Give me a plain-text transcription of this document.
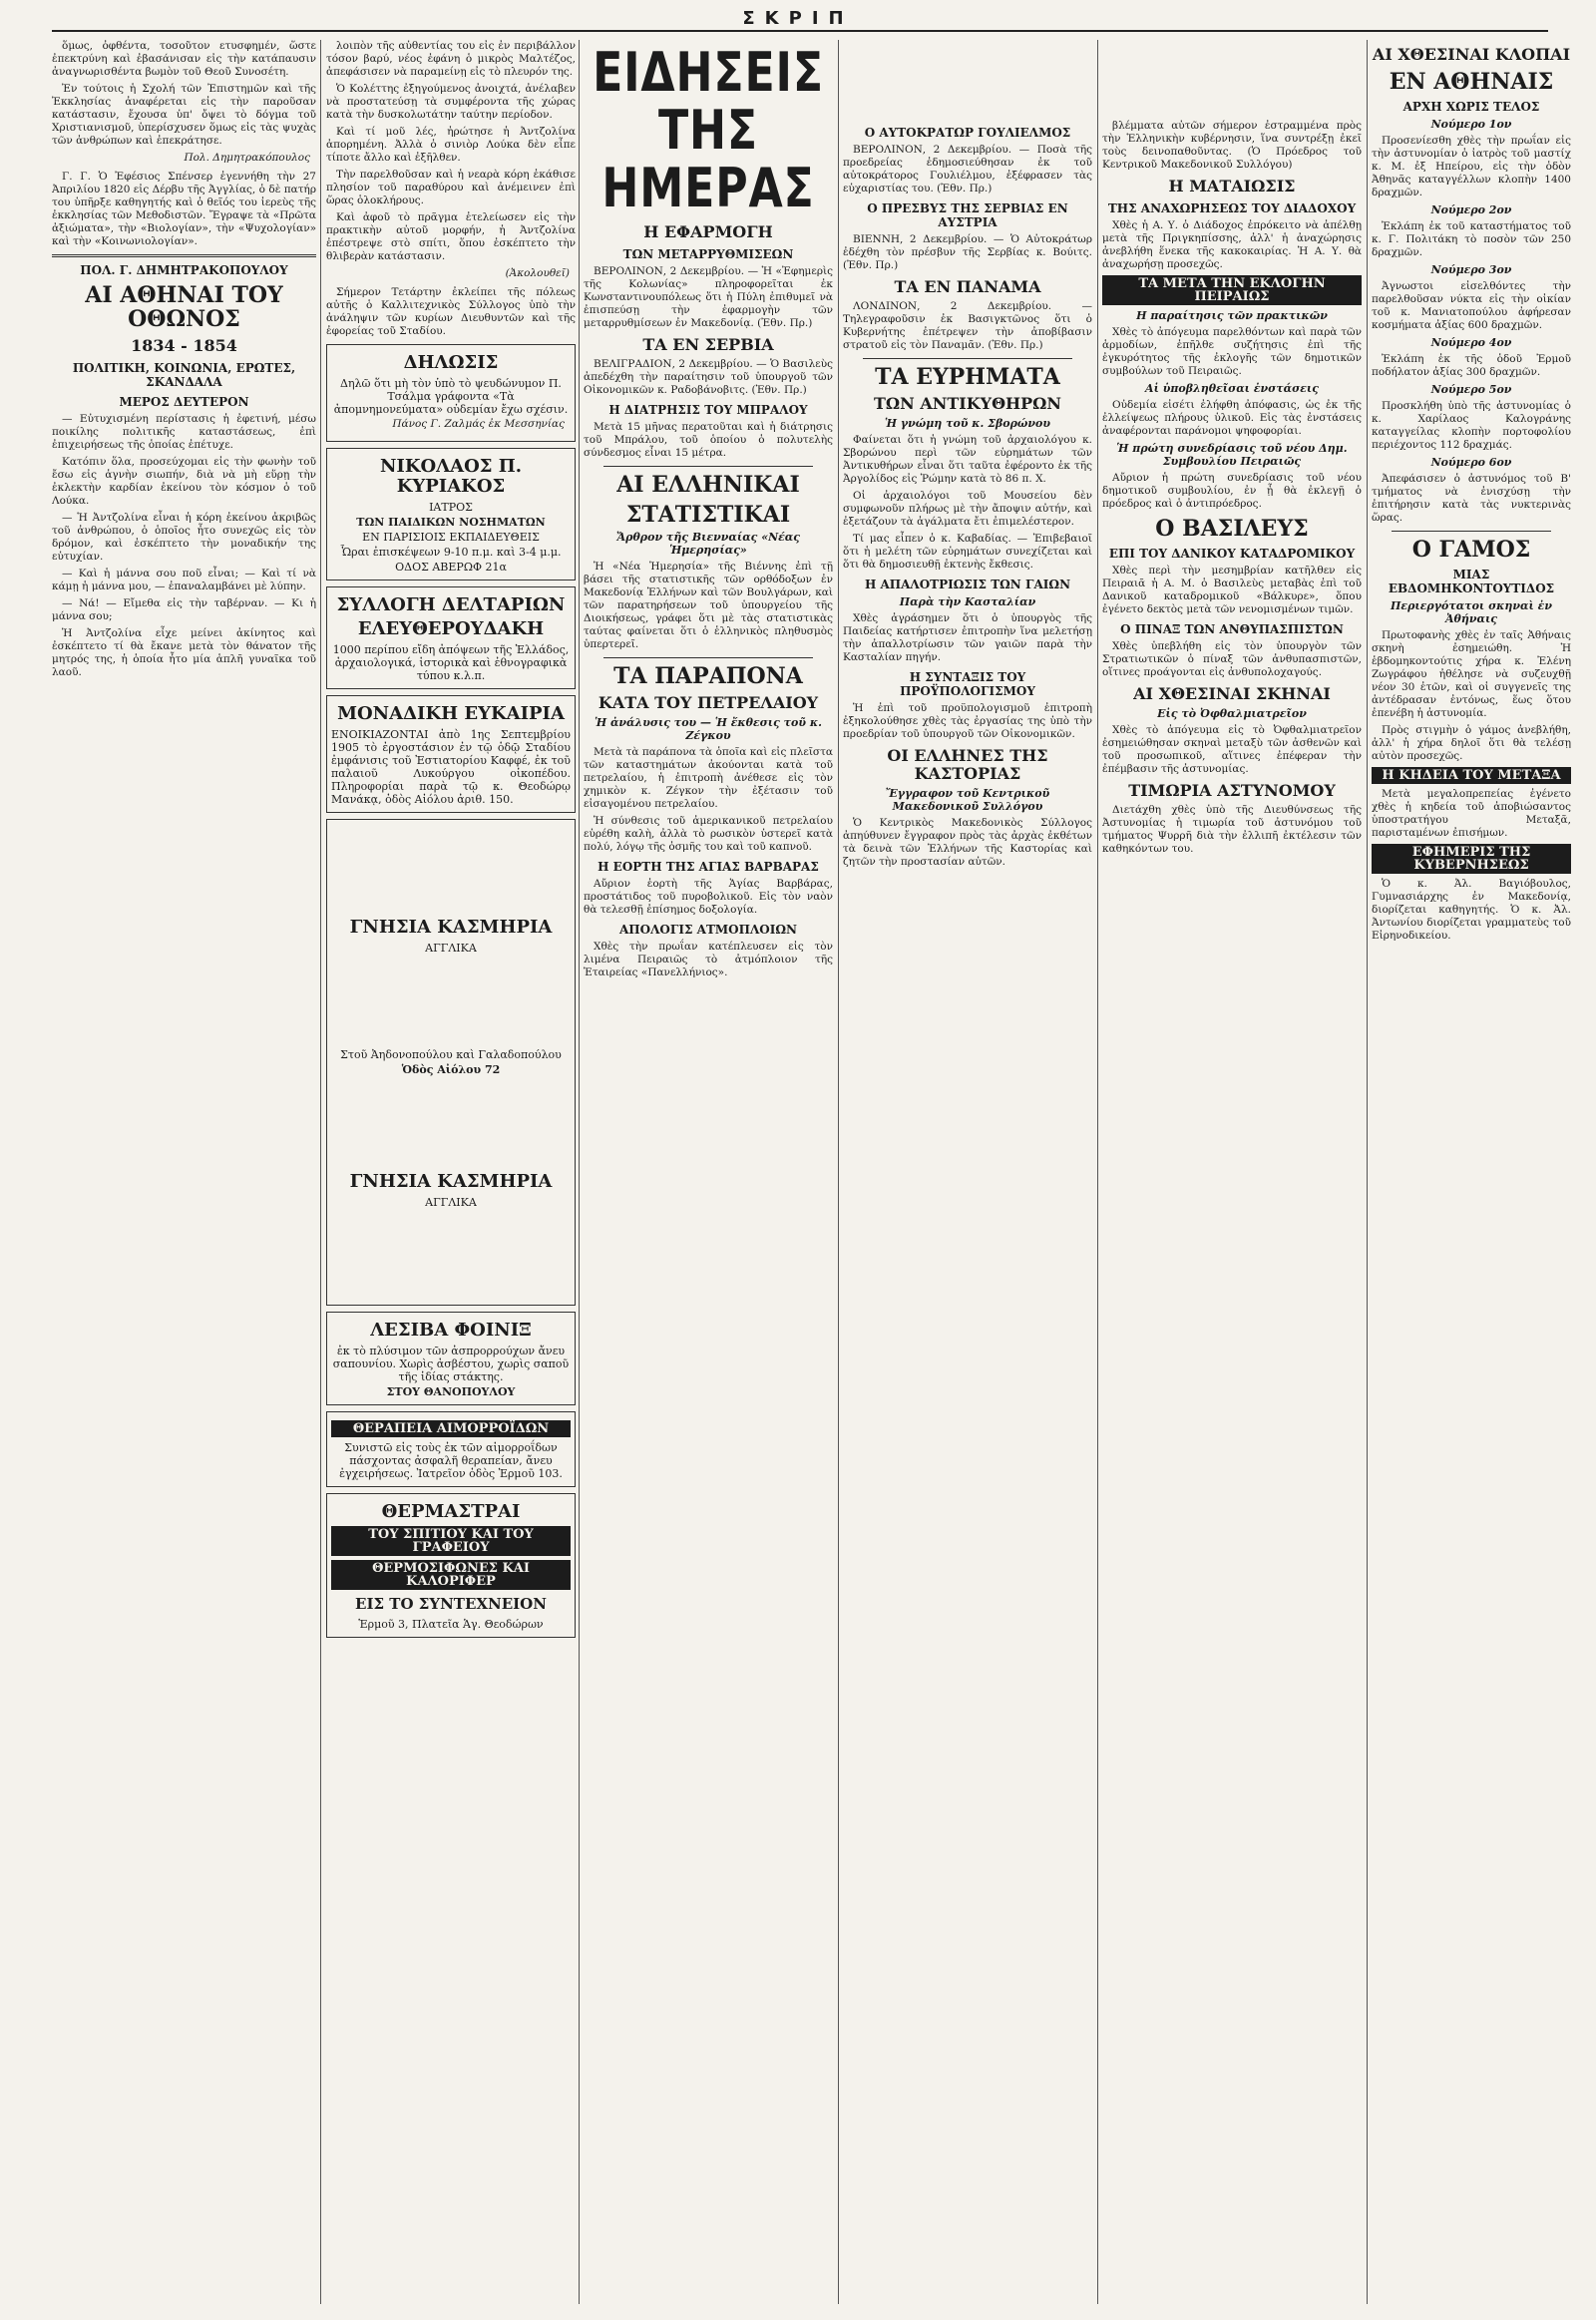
ΣΚΡΙΠ

ὅμως, ὀφθέντα, τοσοῦτον ετυσφημέν, ὥστε ἐπεκτρύνη καὶ ἐβασάνισαν εἰς τὴν κατάπαυσιν ἀναγνωρισθέντα βωμὸν τοῦ Θεοῦ Συνοσέτη.

Ἐν τούτοις ἡ Σχολή τῶν Ἐπιστημῶν καὶ τῆς Ἐκκλησίας ἀναφέρεται εἰς τὴν παροῦσαν κατάστασιν, ἔχουσα ὑπ' ὄψει τὸ δόγμα τοῦ Χριστιανισμοῦ, ὑπερίσχυσεν ὅμως εἰς τὰς ψυχὰς τῶν ἀνθρώπων καὶ ἐπεκράτησε.

Πολ. Δημητρακόπουλος

Γ. Γ. Ὁ Ἐφέσιος Σπένσερ ἐγεννήθη τὴν 27 Ἀπριλίου 1820 εἰς Δέρβυ τῆς Ἀγγλίας, ὁ δὲ πατήρ του ὑπῆρξε καθηγητής καὶ ὁ θεῖός του ἱερεὺς τῆς ἐκκλησίας τῶν Μεθοδιστῶν. Ἔγραψε τὰ «Πρῶτα ἀξιώματα», τὴν «Βιολογίαν», τὴν «Ψυχολογίαν» καὶ τὴν «Κοινωνιολογίαν».

ΠΟΛ. Γ. ΔΗΜΗΤΡΑΚΟΠΟΥΛΟΥ
ΑΙ ΑΘΗΝΑΙ ΤΟΥ ΟΘΩΝΟΣ
1834 - 1854
ΠΟΛΙΤΙΚΗ, ΚΟΙΝΩΝΙΑ, ΕΡΩΤΕΣ, ΣΚΑΝΔΑΛΑ
ΜΕΡΟΣ ΔΕΥΤΕΡΟΝ

— Εὐτυχισμένη περίστασις ἡ ἐφετινή, μέσω ποικίλης πολιτικῆς καταστάσεως, ἐπὶ ἐπιχειρήσεως τῆς ὁποίας ἐπέτυχε.

Κατόπιν ὅλα, προσεύχομαι εἰς τὴν φωνὴν τοῦ ἔσω εἰς ἁγνὴν σιωπήν, διὰ νὰ μὴ εὕρῃ τὴν ἐκλεκτὴν καρδίαν ἐκείνου τὸν κόσμον ὁ τοῦ Λούκα.

— Ἡ Ἀντζολίνα εἶναι ἡ κόρη ἐκείνου ἀκριβῶς τοῦ ἀνθρώπου, ὁ ὁποῖος ἦτο συνεχῶς εἰς τὸν δρόμον, καὶ ἐσκέπτετο τὴν μοναδικήν της εὐτυχίαν.

— Καὶ ἡ μάννα σου ποῦ εἶναι; — Καὶ τί νὰ κάμῃ ἡ μάννα μου, — ἐπαναλαμβάνει μὲ λύπην.

— Νά! — Εἴμεθα εἰς τὴν ταβέρναν. — Κι ἡ μάννα σου;

Ἡ Ἀντζολίνα εἶχε μείνει ἀκίνητος καὶ ἐσκέπτετο τί θὰ ἔκανε μετὰ τὸν θάνατον τῆς μητρός της, ἡ ὁποία ἦτο μία ἁπλῆ γυναῖκα τοῦ λαοῦ.

λοιπὸν τῆς αὐθεντίας του εἰς ἐν περιβάλλον τόσον βαρύ, νέος ἐφάνη ὁ μικρὸς Μαλτέζος, ἀπεφάσισεν νὰ παραμείνῃ εἰς τὸ πλευρόν της.

Ὁ Κολέττης ἐξηγούμενος ἀνοιχτά, ἀνέλαβεν νὰ προστατεύσῃ τὰ συμφέροντα τῆς χώρας κατὰ τὴν δυσκολωτάτην ταύτην περίοδον.

Καὶ τί μοῦ λές, ἠρώτησε ἡ Ἀντζολίνα ἀπορημένη. Ἀλλὰ ὁ σινιὸρ Λούκα δὲν εἶπε τίποτε ἄλλο καὶ ἐξῆλθεν.

Τὴν παρελθοῦσαν καὶ ἡ νεαρὰ κόρη ἐκάθισε πλησίον τοῦ παραθύρου καὶ ἀνέμεινεν ἐπὶ ὥρας ὁλοκλήρους.

Καὶ ἀφοῦ τὸ πρᾶγμα ἐτελείωσεν εἰς τὴν πρακτικὴν αὐτοῦ μορφήν, ἡ Ἀντζολίνα ἐπέστρεψε στὸ σπίτι, ὅπου ἐσκέπτετο τὴν θλιβερὰν κατάστασιν.

(Ἀκολουθεῖ)

Σήμερον Τετάρτην ἐκλείπει τῆς πόλεως αὐτῆς ὁ Καλλιτεχνικὸς Σύλλογος ὑπὸ τὴν ἀνάληψιν τῶν κυρίων Διευθυντῶν καὶ τῆς ἐφορείας τοῦ Σταδίου.

ΔΗΛΩΣΙΣ
Δηλῶ ὅτι μὴ τὸν ὑπὸ τὸ ψευδώνυμον Π. Τσάλμα γράφοντα «Τὰ ἀπομνημονεύματα» οὐδεμίαν ἔχω σχέσιν.
Πάνος Γ. Ζαλμάς ἐκ Μεσσηνίας
ΝΙΚΟΛΑΟΣ Π. ΚΥΡΙΑΚΟΣ
ΙΑΤΡΟΣ
ΤΩΝ ΠΑΙΔΙΚΩΝ ΝΟΣΗΜΑΤΩΝ
ΕΝ ΠΑΡΙΣΙΟΙΣ ΕΚΠΑΙΔΕΥΘΕΙΣ
Ὧραι ἐπισκέψεων 9-10 π.μ. καὶ 3-4 μ.μ.
ΟΔΟΣ ΑΒΕΡΩΦ 21α
ΣΥΛΛΟΓΗ ΔΕΛΤΑΡΙΩΝ
ΕΛΕΥΘΕΡΟΥΔΑΚΗ
1000 περίπου εἴδη ἀπόψεων τῆς Ἑλλάδος, ἀρχαιολογικά, ἱστορικὰ καὶ ἐθνογραφικὰ τύπου κ.λ.π.
ΜΟΝΑΔΙΚΗ ΕΥΚΑΙΡΙΑ
ΕΝΟΙΚΙΑΖΟΝΤΑΙ ἀπὸ 1ης Σεπτεμβρίου 1905 τὸ ἐργοστάσιον ἐν τῷ ὁδῷ Σταδίου ἐμφάνισις τοῦ Ἐστιατορίου Καφφέ, ἐκ τοῦ παλαιοῦ Λυκούργου οἰκοπέδου. Πληροφορίαι παρὰ τῷ κ. Θεοδώρῳ Μανάκᾳ, ὁδὸς Αἰόλου ἀριθ. 150.
ΓΝΗΣΙΑ ΚΑΣΜΗΡΙΑ
ΑΓΓΛΙΚΑ
Στοῦ Ἀηδονοπούλου καὶ Γαλαδοπούλου
Ὁδὸς Αἰόλου 72
ΓΝΗΣΙΑ ΚΑΣΜΗΡΙΑ
ΑΓΓΛΙΚΑ
ΛΕΣΙΒΑ ΦΟΙΝΙΞ
ἐκ τὸ πλύσιμον τῶν ἀσπρορρούχων ἄνευ σαπουνίου. Χωρὶς ἀσβέστου, χωρὶς σαποῦ τῆς ἰδίας στάκτης.
ΣΤΟΥ ΘΑΝΟΠΟΥΛΟΥ
ΘΕΡΑΠΕΙΑ ΑΙΜΟΡΡΟΪΔΩΝ
Συνιστῶ εἰς τοὺς ἐκ τῶν αἱμορροΐδων πάσχοντας ἀσφαλῆ θεραπείαν, ἄνευ ἐγχειρήσεως. Ἰατρεῖον ὁδὸς Ἑρμοῦ 103.
ΘΕΡΜΑΣΤΡΑΙ
ΤΟΥ ΣΠΙΤΙΟΥ ΚΑΙ ΤΟΥ ΓΡΑΦΕΙΟΥ
ΘΕΡΜΟΣΙΦΩΝΕΣ ΚΑΙ ΚΑΛΟΡΙΦΕΡ
ΕΙΣ ΤΟ ΣΥΝΤΕΧΝΕΙΟΝ
Ἑρμοῦ 3, Πλατεῖα Ἁγ. Θεοδώρων
ΕΙΔΗΣΕΙΣ ΤΗΣ ΗΜΕΡΑΣ
Η ΕΦΑΡΜΟΓΗ
ΤΩΝ ΜΕΤΑΡΡΥΘΜΙΣΕΩΝ

ΒΕΡΟΛΙΝΟΝ, 2 Δεκεμβρίου. — Ἡ «Ἐφημερὶς τῆς Κολωνίας» πληροφορεῖται ἐκ Κωνσταντινουπόλεως ὅτι ἡ Πύλη ἐπιθυμεῖ νὰ ἐπισπεύσῃ τὴν ἐφαρμογὴν τῶν μεταρρυθμίσεων ἐν Μακεδονίᾳ. (Ἐθν. Πρ.)

ΤΑ ΕΝ ΣΕΡΒΙΑ

ΒΕΛΙΓΡΑΔΙΟΝ, 2 Δεκεμβρίου. — Ὁ Βασιλεὺς ἀπεδέχθη τὴν παραίτησιν τοῦ ὑπουργοῦ τῶν Οἰκονομικῶν κ. Ραδοβάνοβιτς. (Ἐθν. Πρ.)

Η ΔΙΑΤΡΗΣΙΣ ΤΟΥ ΜΠΡΑΛΟΥ

Μετὰ 15 μῆνας περατοῦται καὶ ἡ διάτρησις τοῦ Μπράλου, τοῦ ὁποίου ὁ πολυτελὴς σύνδεσμος εἶναι 15 μέτρα.

ΑΙ ΕΛΛΗΝΙΚΑΙ
ΣΤΑΤΙΣΤΙΚΑΙ
Ἄρθρον τῆς Βιενναίας «Νέας Ἡμερησίας»

Ἡ «Νέα Ἡμερησία» τῆς Βιέννης ἐπὶ τῇ βάσει τῆς στατιστικῆς τῶν ορθόδοξων ἐν Μακεδονίᾳ Ἑλλήνων καὶ τῶν Βουλγάρων, καὶ τῶν παρατηρήσεων τοῦ ὑπουργείου τῆς Διοικήσεως, γράφει ὅτι μὲ τὰς στατιστικὰς ταύτας φαίνεται ὅτι ὁ ἑλληνικὸς πληθυσμὸς ὑπερτερεῖ.

ΤΑ ΠΑΡΑΠΟΝΑ
ΚΑΤΑ ΤΟΥ ΠΕΤΡΕΛΑΙΟΥ
Ἡ ἀνάλυσις του — Ἡ ἔκθεσις τοῦ κ. Ζέγκου

Μετὰ τὰ παράπονα τὰ ὁποῖα καὶ εἰς πλεῖστα τῶν καταστημάτων ἀκούονται κατὰ τοῦ πετρελαίου, ἡ ἐπιτροπὴ ἀνέθεσε εἰς τὸν χημικὸν κ. Ζέγκον τὴν ἐξέτασιν τοῦ εἰσαγομένου πετρελαίου.

Ἡ σύνθεσις τοῦ ἀμερικανικοῦ πετρελαίου εὑρέθη καλὴ, ἀλλὰ τὸ ρωσικὸν ὑστερεῖ κατὰ πολύ, λόγῳ τῆς ὀσμῆς του καὶ τοῦ καπνοῦ.

Η ΕΟΡΤΗ ΤΗΣ ΑΓΙΑΣ ΒΑΡΒΑΡΑΣ

Αὔριον ἑορτὴ τῆς Ἁγίας Βαρβάρας, προστάτιδος τοῦ πυροβολικοῦ. Εἰς τὸν ναὸν θὰ τελεσθῇ ἐπίσημος δοξολογία.

ΑΠΟΛΟΓΙΣ ΑΤΜΟΠΛΟΙΩΝ

Χθὲς τὴν πρωΐαν κατέπλευσεν εἰς τὸν λιμένα Πειραιῶς τὸ ἀτμόπλοιον τῆς Ἑταιρείας «Πανελλήνιος».

Ο ΑΥΤΟΚΡΑΤΩΡ ΓΟΥΛΙΕΛΜΟΣ

ΒΕΡΟΛΙΝΟΝ, 2 Δεκεμβρίου. — Ποσὰ τῆς προεδρείας ἐδημοσιεύθησαν ἐκ τοῦ αὐτοκράτορος Γουλιέλμου, ἐξέφρασεν τὰς εὐχαριστίας του. (Ἐθν. Πρ.)

Ο ΠΡΕΣΒΥΣ ΤΗΣ ΣΕΡΒΙΑΣ ΕΝ ΑΥΣΤΡΙΑ

ΒΙΕΝΝΗ, 2 Δεκεμβρίου. — Ὁ Αὐτοκράτωρ ἐδέχθη τὸν πρέσβυν τῆς Σερβίας κ. Βούιτς. (Ἐθν. Πρ.)

ΤΑ ΕΝ ΠΑΝΑΜΑ

ΛΟΝΔΙΝΟΝ, 2 Δεκεμβρίου. — Τηλεγραφοῦσιν ἐκ Βασιγκτῶνος ὅτι ὁ Κυβερνήτης ἐπέτρεψεν τὴν ἀποβίβασιν στρατοῦ εἰς τὸν Παναμᾶν. (Ἐθν. Πρ.)

ΤΑ ΕΥΡΗΜΑΤΑ
ΤΩΝ ΑΝΤΙΚΥΘΗΡΩΝ
Ἡ γνώμη τοῦ κ. Σβορώνου

Φαίνεται ὅτι ἡ γνώμη τοῦ ἀρχαιολόγου κ. Σβορώνου περὶ τῶν εὑρημάτων τῶν Ἀντικυθήρων εἶναι ὅτι ταῦτα ἐφέροντο ἐκ τῆς Ἀργολίδος εἰς Ῥώμην κατὰ τὸ 86 π. Χ.

Οἱ ἀρχαιολόγοι τοῦ Μουσείου δὲν συμφωνοῦν πλήρως μὲ τὴν ἄποψιν αὐτήν, καὶ ἐξετάζουν τὰ ἀγάλματα ἔτι ἐπιμελέστερον.

Τί μας εἶπεν ὁ κ. Καβαδίας. — Ἐπιβεβαιοῖ ὅτι ἡ μελέτη τῶν εὑρημάτων συνεχίζεται καὶ ὅτι θὰ δημοσιευθῇ ἐκτενὴς ἔκθεσις.

Η ΑΠΑΛΟΤΡΙΩΣΙΣ ΤΩΝ ΓΑΙΩΝ
Παρὰ τὴν Κασταλίαν

Χθὲς ἀγράσημεν ὅτι ὁ ὑπουργὸς τῆς Παιδείας κατήρτισεν ἐπιτροπὴν ἵνα μελετήσῃ τὴν ἀπαλλοτρίωσιν τῶν γαιῶν παρὰ τὴν Κασταλίαν πηγήν.

Η ΣΥΝΤΑΞΙΣ ΤΟΥ ΠΡΟΫΠΟΛΟΓΙΣΜΟΥ

Ἡ ἐπὶ τοῦ προϋπολογισμοῦ ἐπιτροπὴ ἐξηκολούθησε χθὲς τὰς ἐργασίας της ὑπὸ τὴν προεδρίαν τοῦ ὑπουργοῦ τῶν Οἰκονομικῶν.

ΟΙ ΕΛΛΗΝΕΣ ΤΗΣ ΚΑΣΤΟΡΙΑΣ
Ἔγγραφον τοῦ Κεντρικοῦ Μακεδονικοῦ Συλλόγου

Ὁ Κεντρικὸς Μακεδονικὸς Σύλλογος ἀπηύθυνεν ἔγγραφον πρὸς τὰς ἀρχὰς ἐκθέτων τὰ δεινὰ τῶν Ἑλλήνων τῆς Καστορίας καὶ ζητῶν τὴν προστασίαν αὐτῶν.

βλέμματα αὐτῶν σήμερον ἐστραμμένα πρὸς τὴν Ἑλληνικὴν κυβέρνησιν, ἵνα συντρέξῃ ἐκεῖ τοὺς δεινοπαθοῦντας. (Ὁ Πρόεδρος τοῦ Κεντρικοῦ Μακεδονικοῦ Συλλόγου)

Η ΜΑΤΑΙΩΣΙΣ
ΤΗΣ ΑΝΑΧΩΡΗΣΕΩΣ ΤΟΥ ΔΙΑΔΟΧΟΥ

Χθὲς ἡ Α. Υ. ὁ Διάδοχος ἐπρόκειτο νὰ ἀπέλθῃ μετὰ τῆς Πριγκηπίσσης, ἀλλ' ἡ ἀναχώρησις ἀνεβλήθη ἕνεκα τῆς κακοκαιρίας. Ἡ Α. Υ. θὰ ἀναχωρήσῃ προσεχῶς.

ΤΑ ΜΕΤΑ ΤΗΝ ΕΚΛΟΓΗΝ ΠΕΙΡΑΙΩΣ
Η παραίτησις τῶν πρακτικῶν

Χθὲς τὸ ἀπόγευμα παρελθόντων καὶ παρὰ τῶν ἁρμοδίων, ἐπῆλθε συζήτησις ἐπὶ τῆς ἐγκυρότητος τῆς ἐκλογῆς τῶν δημοτικῶν συμβούλων τοῦ Πειραιῶς.

Αἱ ὑποβληθεῖσαι ἐνστάσεις

Οὐδεμία εἰσέτι ἐλήφθη ἀπόφασις, ὡς ἐκ τῆς ἐλλείψεως πλήρους ὑλικοῦ. Εἰς τὰς ἐνστάσεις ἀναφέρονται παράνομοι ψηφοφορίαι.

Ἡ πρώτη συνεδρίασις τοῦ νέου Δημ. Συμβουλίου Πειραιῶς

Αὔριον ἡ πρώτη συνεδρίασις τοῦ νέου δημοτικοῦ συμβουλίου, ἐν ᾗ θὰ ἐκλεγῇ ὁ πρόεδρος καὶ ὁ ἀντιπρόεδρος.

Ο ΒΑΣΙΛΕΥΣ
ΕΠΙ ΤΟΥ ΔΑΝΙΚΟΥ ΚΑΤΑΔΡΟΜΙΚΟΥ

Χθὲς περὶ τὴν μεσημβρίαν κατῆλθεν εἰς Πειραιᾶ ἡ Α. Μ. ὁ Βασιλεὺς μεταβὰς ἐπὶ τοῦ Δανικοῦ καταδρομικοῦ «Βάλκυρε», ὅπου ἐγένετο δεκτὸς μετὰ τῶν νενομισμένων τιμῶν.

Ο ΠΙΝΑΞ ΤΩΝ ΑΝΘΥΠΑΣΠΙΣΤΩΝ

Χθὲς ὑπεβλήθη εἰς τὸν ὑπουργὸν τῶν Στρατιωτικῶν ὁ πίναξ τῶν ἀνθυπασπιστῶν, οἵτινες προάγονται εἰς ἀνθυπολοχαγούς.

ΑΙ ΧΘΕΣΙΝΑΙ ΣΚΗΝΑΙ
Εἰς τὸ Ὀφθαλμιατρεῖον

Χθὲς τὸ ἀπόγευμα εἰς τὸ Ὀφθαλμιατρεῖον ἐσημειώθησαν σκηναὶ μεταξὺ τῶν ἀσθενῶν καὶ τοῦ προσωπικοῦ, αἵτινες ἐπέφεραν τὴν ἐπέμβασιν τῆς ἀστυνομίας.

ΤΙΜΩΡΙΑ ΑΣΤΥΝΟΜΟΥ

Διετάχθη χθὲς ὑπὸ τῆς Διευθύνσεως τῆς Ἀστυνομίας ἡ τιμωρία τοῦ ἀστυνόμου τοῦ τμήματος Ψυρρῆ διὰ τὴν ἐλλιπῆ ἐκτέλεσιν τῶν καθηκόντων του.

ΑΙ ΧΘΕΣΙΝΑΙ ΚΛΟΠΑΙ
ΕΝ ΑΘΗΝΑΙΣ
ΑΡΧΗ ΧΩΡΙΣ ΤΕΛΟΣ
Νούμερο 1ον

Προσενίεσθη χθὲς τὴν πρωΐαν εἰς τὴν ἀστυνομίαν ὁ ἰατρὸς τοῦ μαστίχ κ. Μ. ἐξ Ηπείρου, εἰς τὴν ὁδὸν Ἀθηνᾶς καταγγέλλων κλοπὴν 1400 δραχμῶν.

Νούμερο 2ον

Ἐκλάπη ἐκ τοῦ καταστήματος τοῦ κ. Γ. Πολιτάκη τὸ ποσὸν τῶν 250 δραχμῶν.

Νούμερο 3ον

Ἀγνωστοι εἰσελθόντες τὴν παρελθοῦσαν νύκτα εἰς τὴν οἰκίαν τοῦ κ. Μανιατοπούλου ἀφήρεσαν κοσμήματα ἀξίας 600 δραχμῶν.

Νούμερο 4ον

Ἐκλάπη ἐκ τῆς ὁδοῦ Ἐρμοῦ ποδήλατον ἀξίας 300 δραχμῶν.

Νούμερο 5ον

Προσκλήθη ὑπὸ τῆς ἀστυνομίας ὁ κ. Χαρίλαος Καλογράνης καταγγείλας κλοπὴν πορτοφολίου περιέχοντος 112 δραχμάς.

Νούμερο 6ον

Ἀπεφάσισεν ὁ ἀστυνόμος τοῦ Β' τμήματος νὰ ἐνισχύσῃ τὴν ἐπιτήρησιν κατὰ τὰς νυκτερινὰς ὥρας.

Ο ΓΑΜΟΣ
ΜΙΑΣ ΕΒΔΟΜΗΚΟΝΤΟΥΤΙΔΟΣ
Περιεργότατοι σκηναὶ ἐν Ἀθήναις

Πρωτοφανὴς χθὲς ἐν ταῖς Ἀθήναις σκηνὴ ἐσημειώθη. Ἡ ἑβδομηκοντούτις χήρα κ. Ἐλένη Ζωγράφου ἠθέλησε νὰ συζευχθῇ νέον 30 ἐτῶν, καὶ οἱ συγγενεῖς της ἀντέδρασαν ἐντόνως, ἕως ὅτου ἐπενέβη ἡ ἀστυνομία.

Πρὸς στιγμὴν ὁ γάμος ἀνεβλήθη, ἀλλ' ἡ χήρα δηλοῖ ὅτι θὰ τελέσῃ αὐτὸν προσεχῶς.

Η ΚΗΔΕΙΑ ΤΟΥ ΜΕΤΑΞΑ

Μετὰ μεγαλοπρεπείας ἐγένετο χθὲς ἡ κηδεία τοῦ ἀποβιώσαντος ὑποστρατήγου Μεταξᾶ, παρισταμένων ἐπισήμων.

ΕΦΗΜΕΡΙΣ ΤΗΣ ΚΥΒΕΡΝΗΣΕΩΣ

Ὁ κ. Ἀλ. Βαγιόβουλος, Γυμνασιάρχης ἐν Μακεδονίᾳ, διορίζεται καθηγητής. Ὁ κ. Ἀλ. Ἀντωνίου διορίζεται γραμματεὺς τοῦ Εἰρηνοδικείου.
